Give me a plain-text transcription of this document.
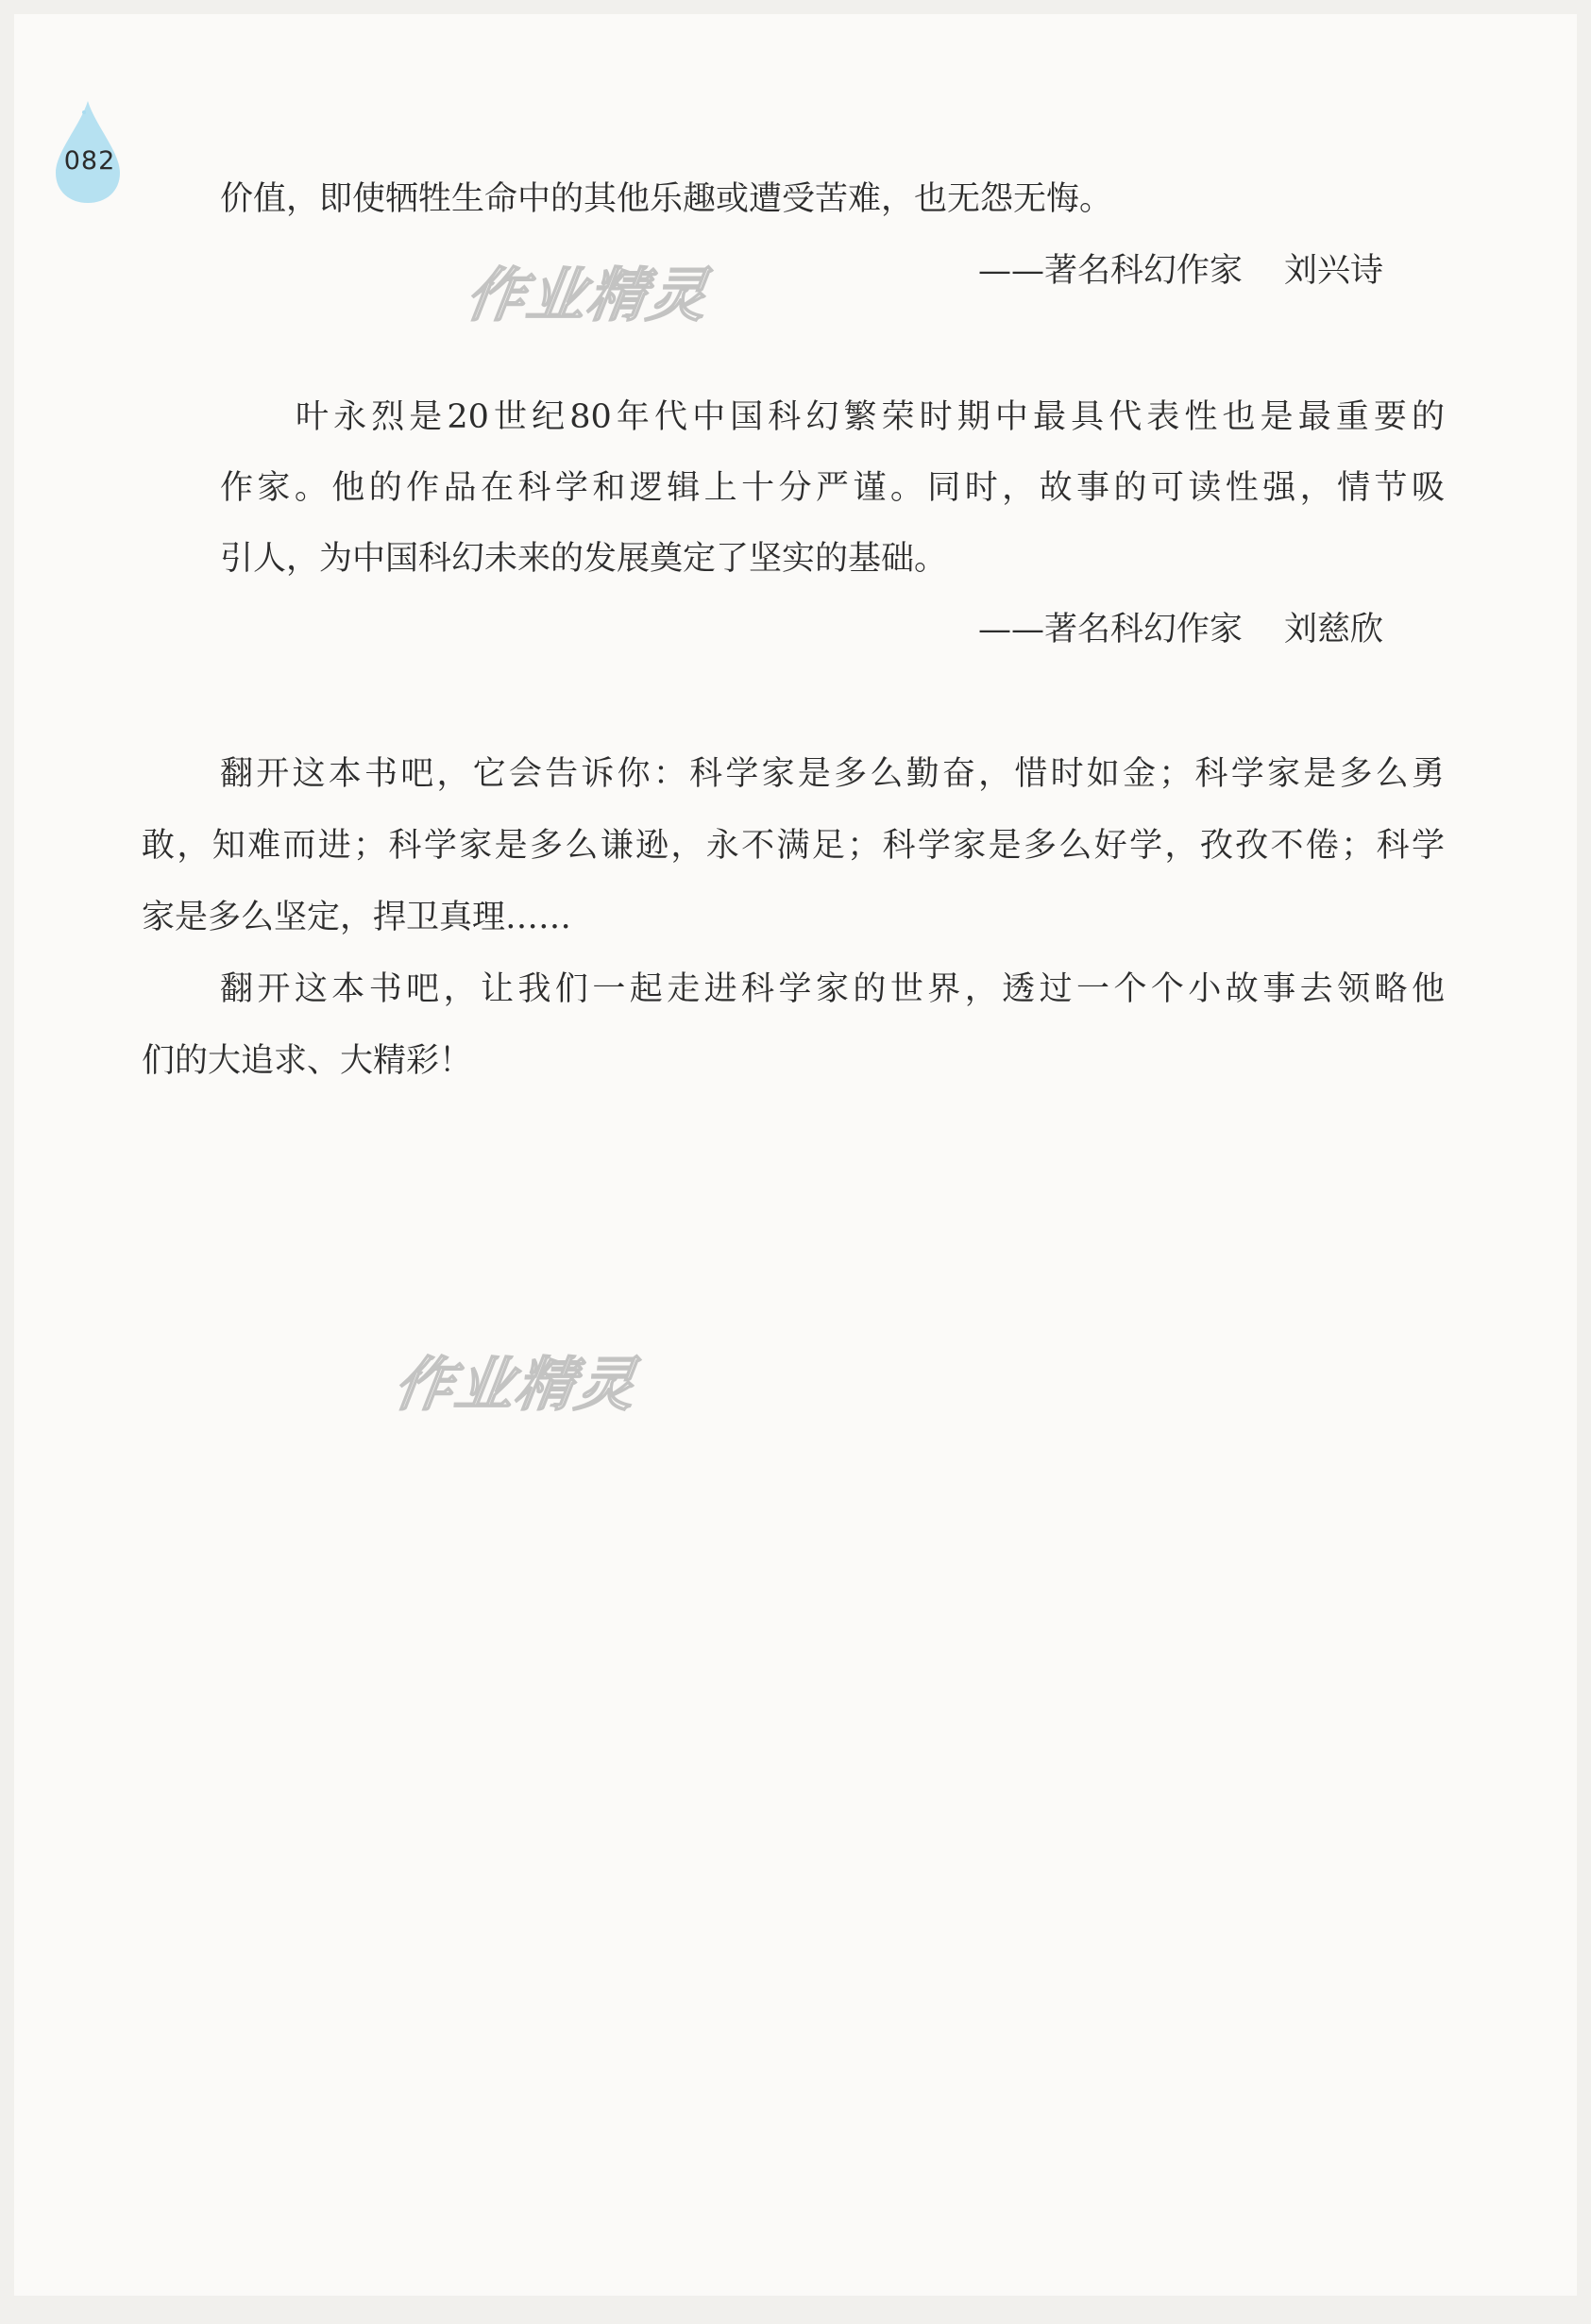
082
价值，即使牺牲生命中的其他乐趣或遭受苦难，也无怨无悔。
——著名科幻作家 刘兴诗
作业精灵
叶永烈是20世纪80年代中国科幻繁荣时期中最具代表性也是最重要的
作家。他的作品在科学和逻辑上十分严谨。同时，故事的可读性强，情节吸
引人，为中国科幻未来的发展奠定了坚实的基础。
——著名科幻作家 刘慈欣
翻开这本书吧，它会告诉你：科学家是多么勤奋，惜时如金；科学家是多么勇
敢，知难而进；科学家是多么谦逊，永不满足；科学家是多么好学，孜孜不倦；科学
家是多么坚定，捍卫真理……
翻开这本书吧，让我们一起走进科学家的世界，透过一个个小故事去领略他
们的大追求、大精彩！
作业精灵
